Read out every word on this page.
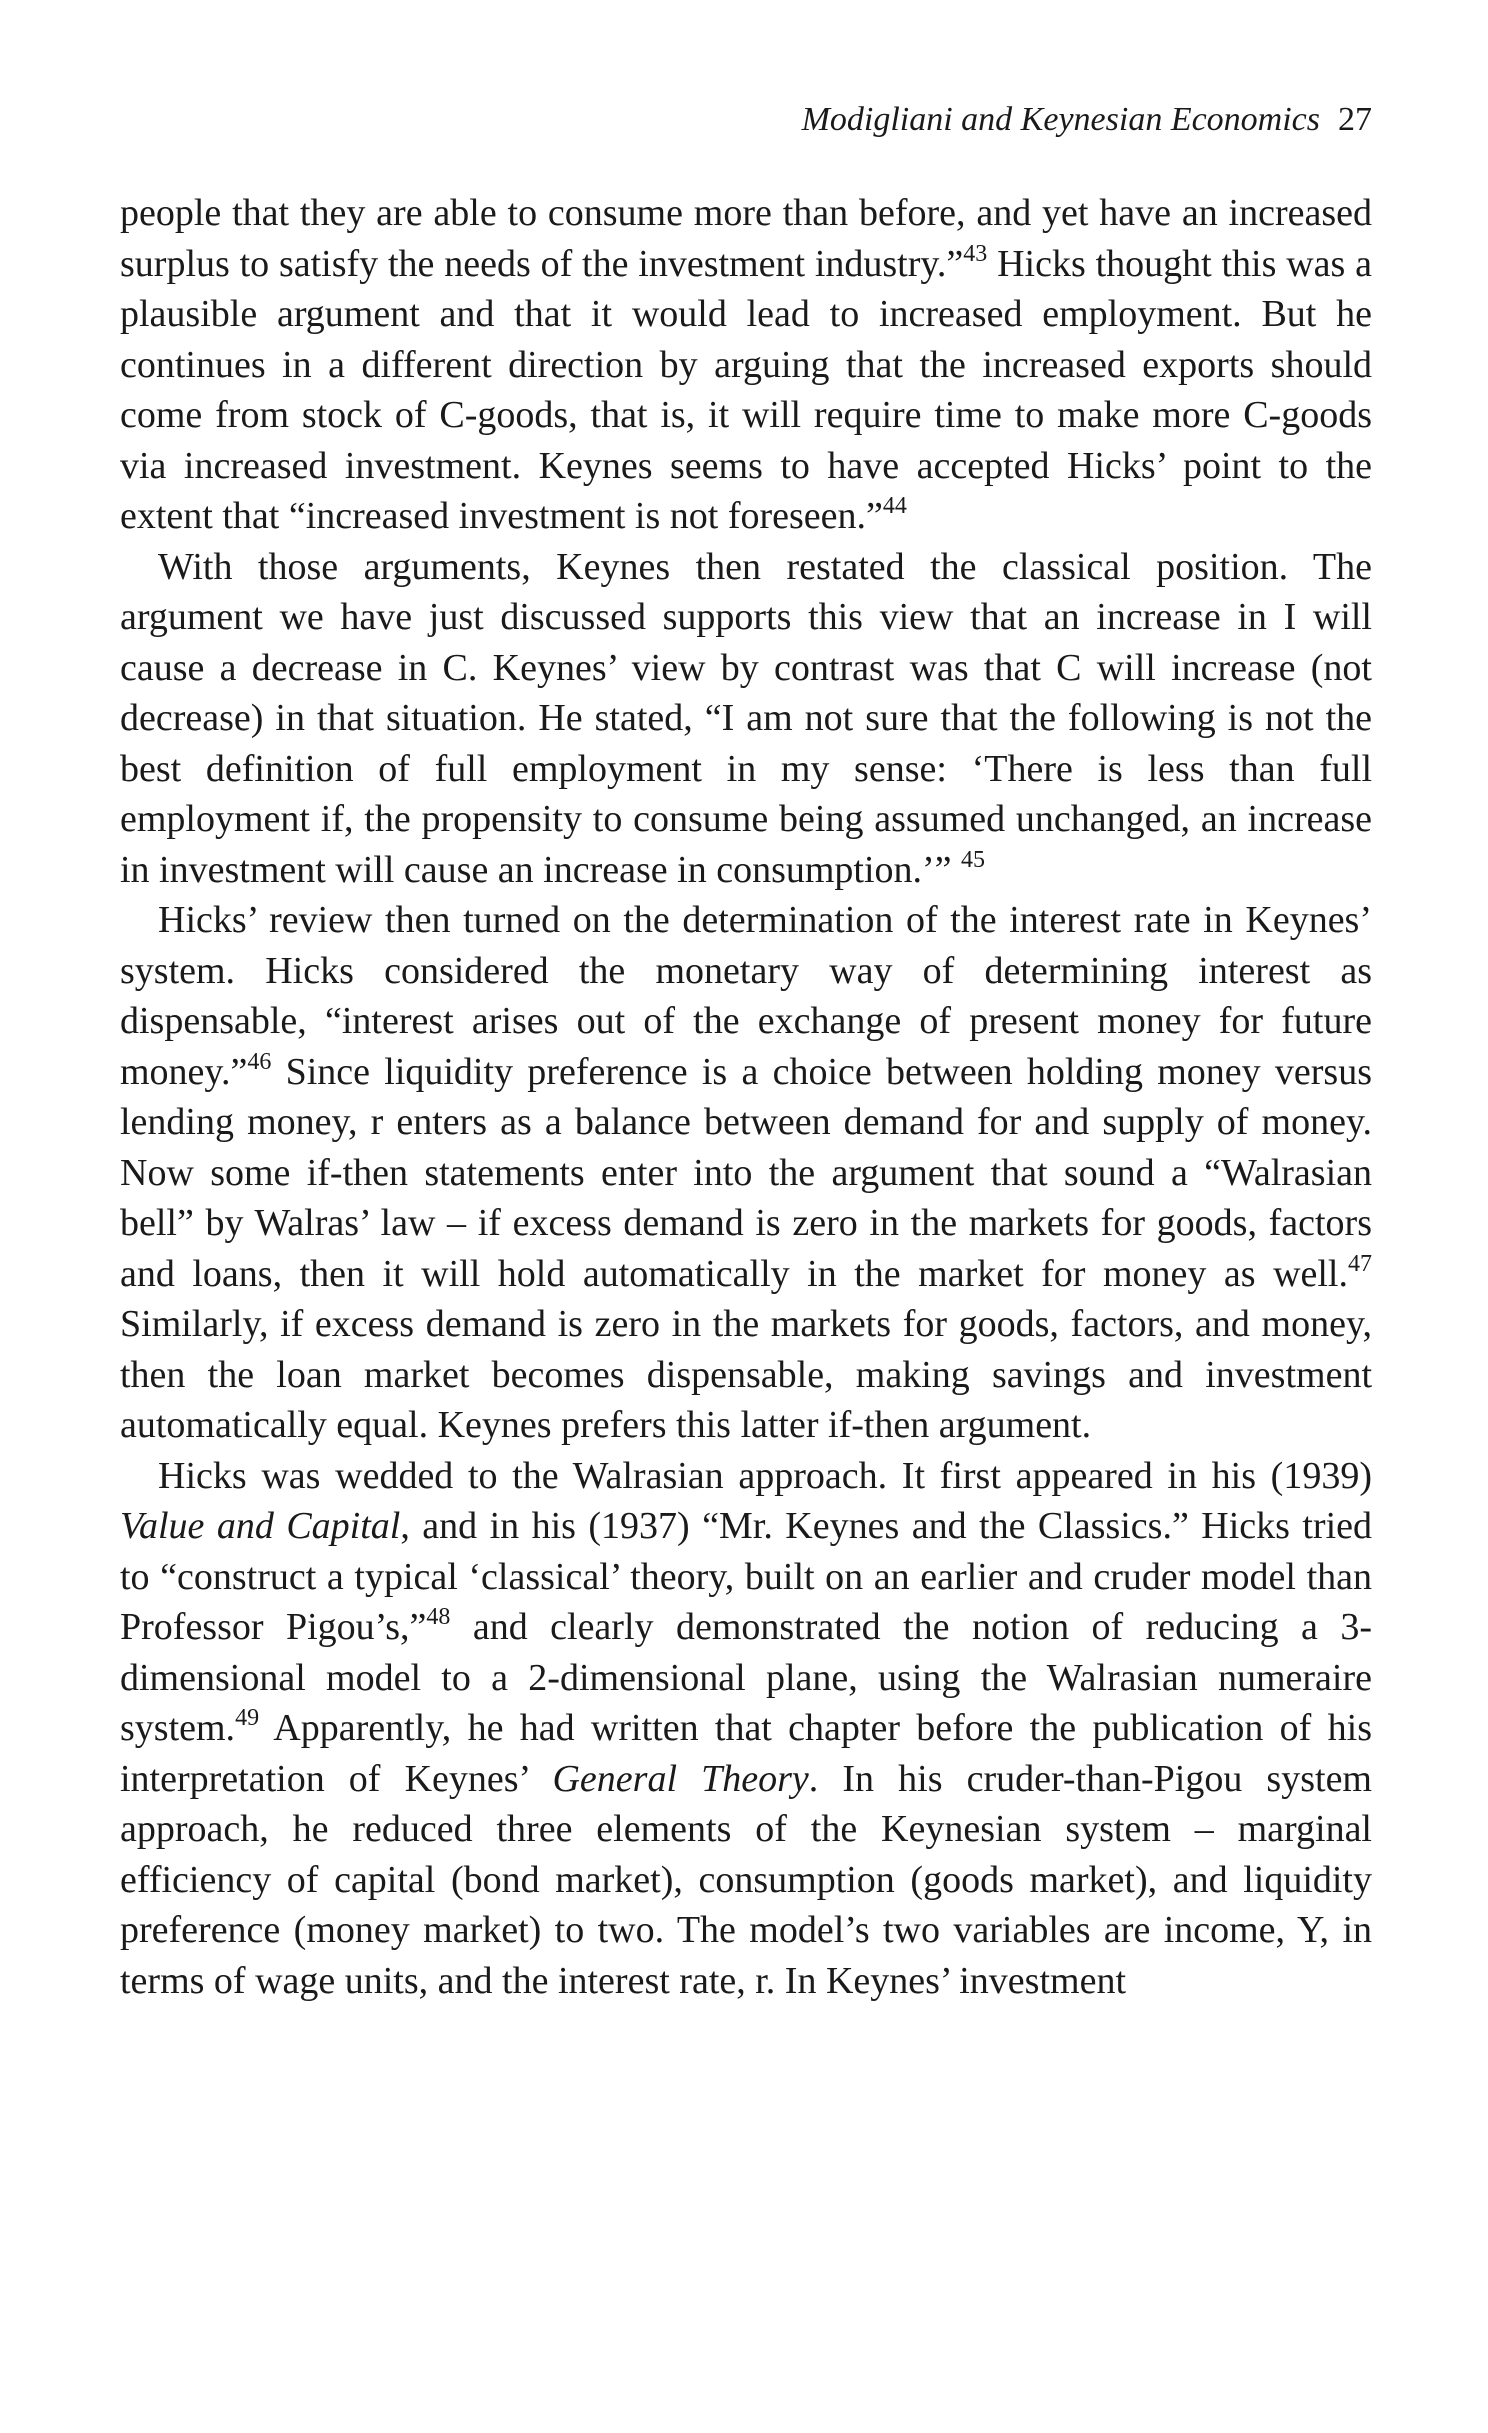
Modigliani and Keynesian Economics 27

people that they are able to consume more than before, and yet have an increased surplus to satisfy the needs of the investment industry.”$^{43}$ Hicks thought this was a plausible argument and that it would lead to increased employment. But he continues in a different direction by arguing that the increased exports should come from stock of C-goods, that is, it will require time to make more C-goods via increased investment. Keynes seems to have accepted Hicks’ point to the extent that “increased investment is not foreseen.”$^{44}$

With those arguments, Keynes then restated the classical position. The argument we have just discussed supports this view that an increase in I will cause a decrease in C. Keynes’ view by contrast was that C will increase (not decrease) in that situation. He stated, “I am not sure that the following is not the best definition of full employment in my sense: ‘There is less than full employment if, the propensity to consume being assumed unchanged, an increase in investment will cause an increase in consumption.’” $^{45}$

Hicks’ review then turned on the determination of the interest rate in Keynes’ system. Hicks considered the monetary way of determining interest as dispensable, “interest arises out of the exchange of present money for future money.”$^{46}$ Since liquidity preference is a choice between holding money versus lending money, r enters as a balance between demand for and supply of money. Now some if-then statements enter into the argument that sound a “Walrasian bell” by Walras’ law – if excess demand is zero in the markets for goods, factors and loans, then it will hold automatically in the market for money as well.$^{47}$ Similarly, if excess demand is zero in the markets for goods, factors, and money, then the loan market becomes dispensable, making savings and investment automatically equal. Keynes prefers this latter if-then argument.

Hicks was wedded to the Walrasian approach. It first appeared in his (1939) Value and Capital, and in his (1937) “Mr. Keynes and the Classics.” Hicks tried to “construct a typical ‘classical’ theory, built on an earlier and cruder model than Professor Pigou’s,”$^{48}$ and clearly demonstrated the notion of reducing a 3-dimensional model to a 2-dimensional plane, using the Walrasian numeraire system.$^{49}$ Apparently, he had written that chapter before the publication of his interpretation of Keynes’ General Theory. In his cruder-than-Pigou system approach, he reduced three elements of the Keynesian system – marginal efficiency of capital (bond market), consumption (goods market), and liquidity preference (money market) to two. The model’s two variables are income, Y, in terms of wage units, and the interest rate, r. In Keynes’ investment
